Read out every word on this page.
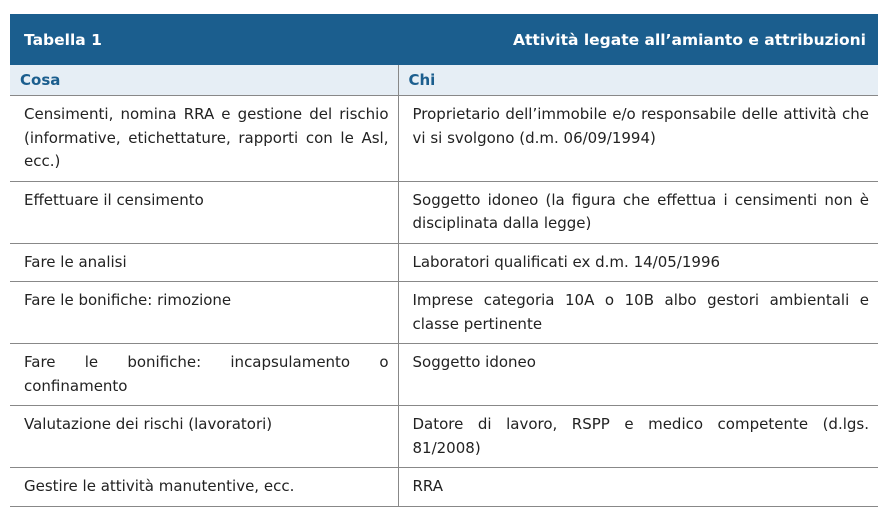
Tabella 1	Attività legate all’amianto e attribuzioni
Cosa	Chi
Censimenti, nomina RRA e gestione del rischio (informative, etichettature, rapporti con le Asl, ecc.)	Proprietario dell’immobile e/o responsabile delle attività che vi si svolgono (d.m. 06/09/1994)
Effettuare il censimento	Soggetto idoneo (la figura che effettua i censimenti non è disciplinata dalla legge)
Fare le analisi	Laboratori qualificati ex d.m. 14/05/1996
Fare le bonifiche: rimozione	Imprese categoria 10A o 10B albo gestori ambientali e classe pertinente
Fare le bonifiche: incapsulamento o confinamento	Soggetto idoneo
Valutazione dei rischi (lavoratori)	Datore di lavoro, RSPP e medico competente (d.lgs. 81/2008)
Gestire le attività manutentive, ecc.	RRA
